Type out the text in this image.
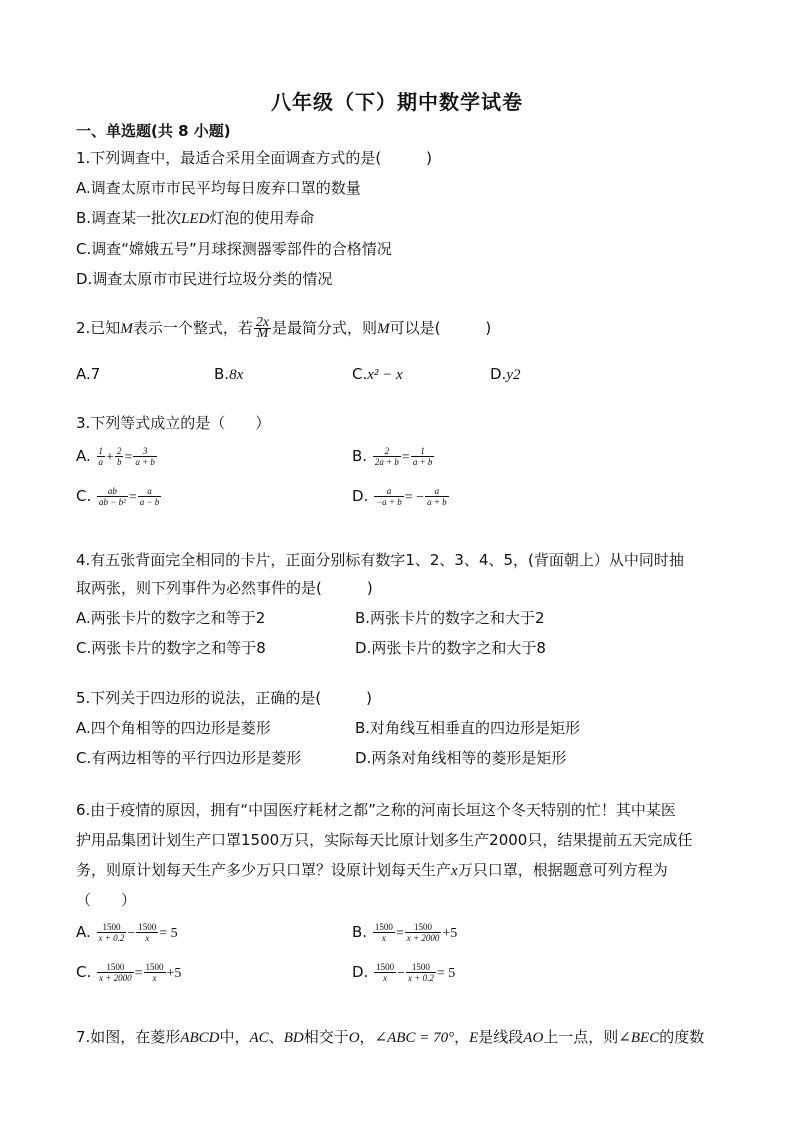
八年级（下）期中数学试卷
一、单选题(共 8 小题)
1.下列调查中，最适合采用全面调查方式的是(　　　)
A.调查太原市市民平均每日废弃口罩的数量
B.调查某一批次LED灯泡的使用寿命
C.调查“嫦娥五号”月球探测器零部件的合格情况
D.调查太原市市民进行垃圾分类的情况
2.已知M表示一个整式，若 $\frac{2x}{M}$ 是最简分式，则M可以是(　　　)
A.7	B.8x	C.x² − x	D.y2
3.下列等式成立的是（　　）
A. $\frac{1}{a} + \frac{2}{b} = \frac{3}{a + b}$	B. $\frac{2}{2a + b} = \frac{1}{a + b}$
C. $\frac{ab}{\text{ab − b²}} = \frac{a}{a - b}$	D. $\frac{a}{-a + b}$ = − $\frac{a}{a + b}$
4.有五张背面完全相同的卡片，正面分别标有数字1、2、3、4、5，(背面朝上）从中同时抽
取两张，则下列事件为必然事件的是(　　　)
A.两张卡片的数字之和等于2	B.两张卡片的数字之和大于2
C.两张卡片的数字之和等于8	D.两张卡片的数字之和大于8
5.下列关于四边形的说法，正确的是(　　　)
A.四个角相等的四边形是菱形	B.对角线互相垂直的四边形是矩形
C.有两边相等的平行四边形是菱形	D.两条对角线相等的菱形是矩形
6.由于疫情的原因，拥有“中国医疗耗材之都”之称的河南长垣这个冬天特别的忙！其中某医
护用品集团计划生产口罩1500万只，实际每天比原计划多生产2000只，结果提前五天完成任
务，则原计划每天生产多少万只口罩？设原计划每天生产x万只口罩，根据题意可列方程为
（　　）
A. $\frac{1500}{x + 0.2} - \frac{1500}{x} = 5$	B. $\frac{1500}{x} = \frac{1500}{x + 2000} +5$
C. $\frac{1500}{x + 2000} = \frac{1500}{x} +5$	D. $\frac{1500}{x} - \frac{1500}{x + 0.2} = 5$
7.如图，在菱形ABCD中，AC、BD相交于O，∠ABC = 70°，E是线段AO上一点，则∠BEC的度数
